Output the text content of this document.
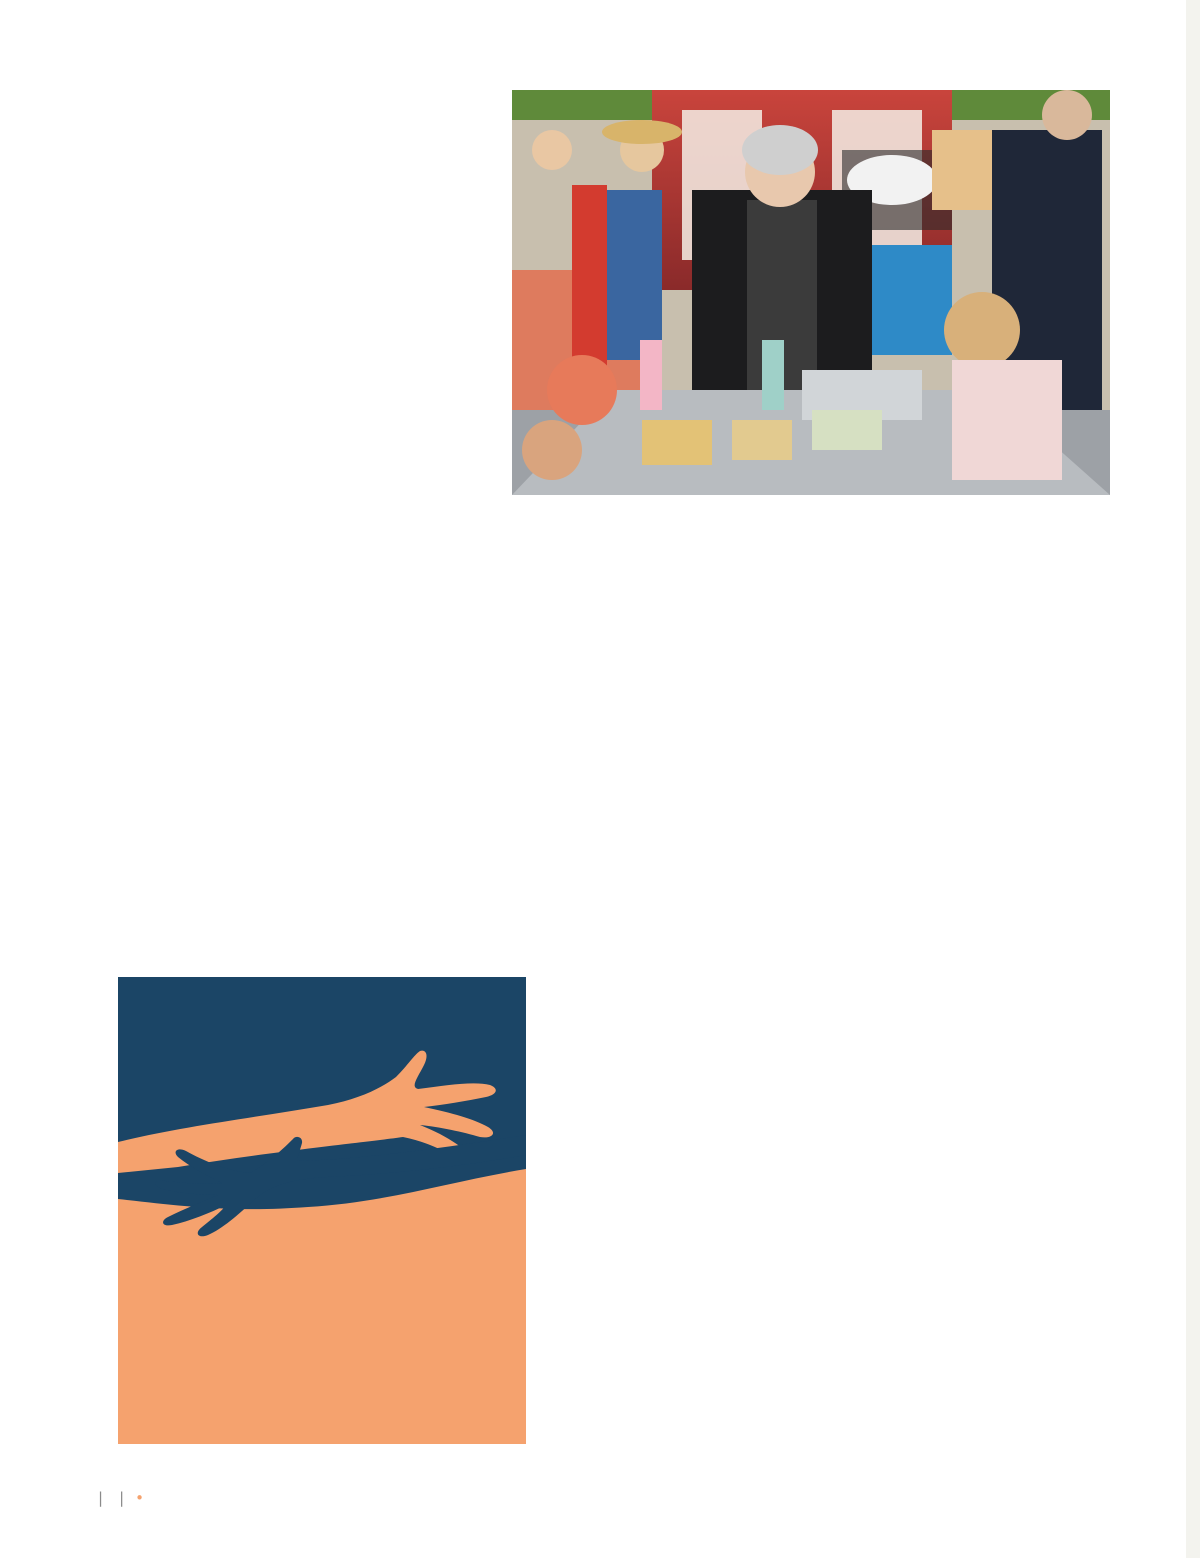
| | •
